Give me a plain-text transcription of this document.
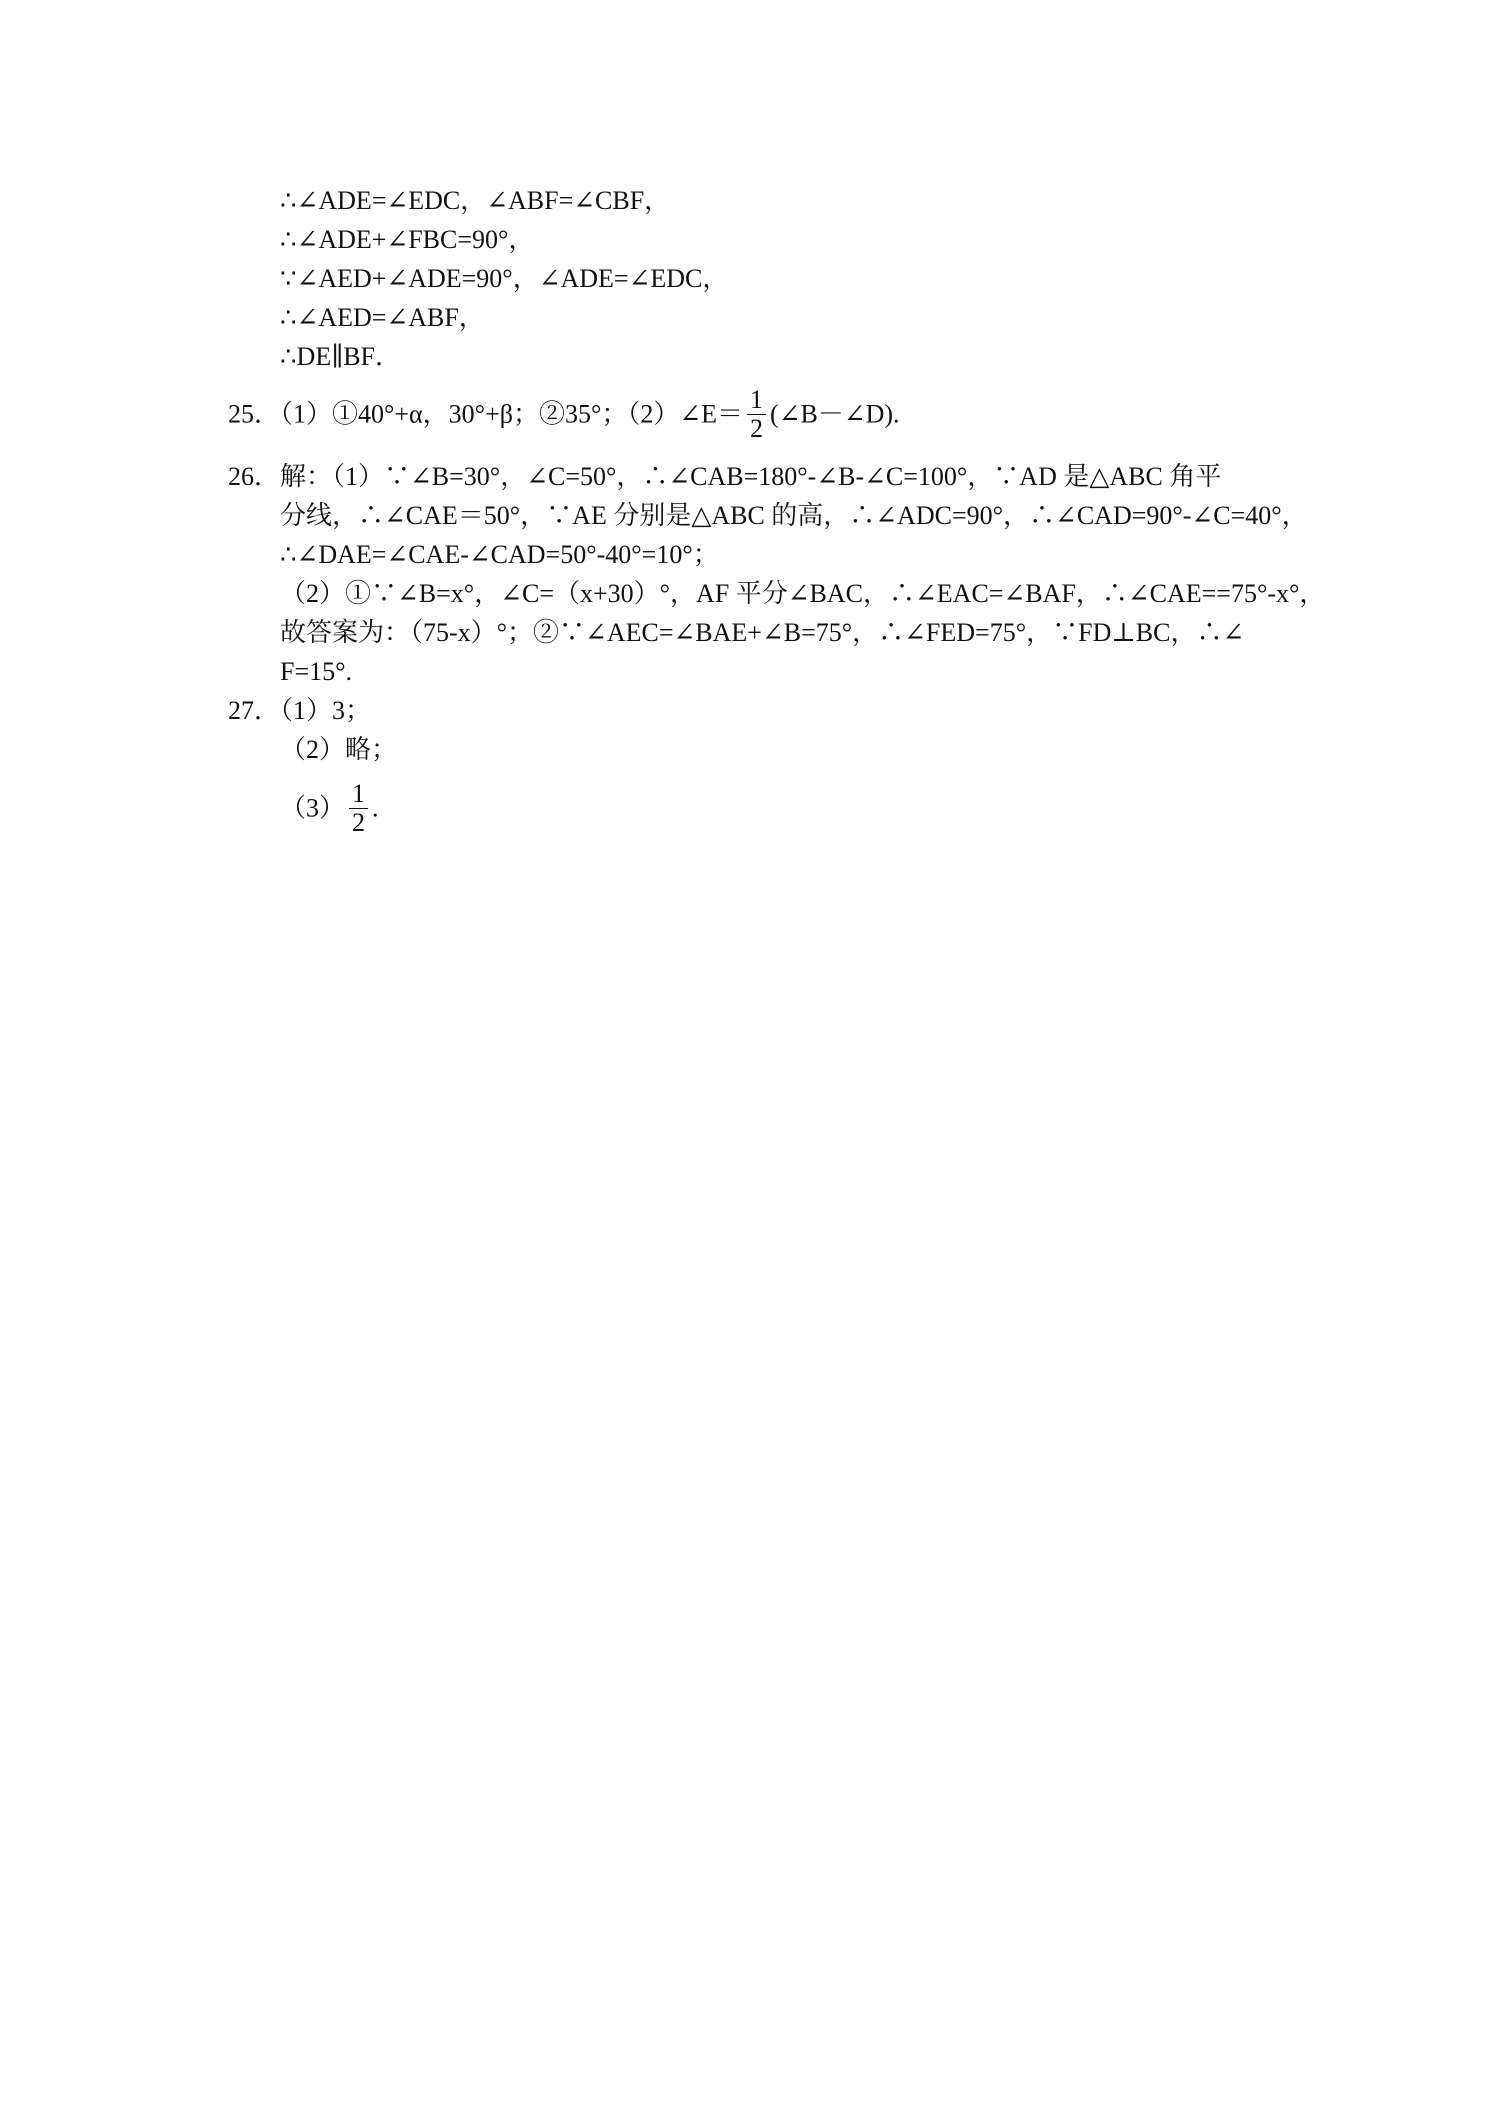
∴∠ADE=∠EDC，∠ABF=∠CBF，
∴∠ADE+∠FBC=90°，
∵∠AED+∠ADE=90°，∠ADE=∠EDC，
∴∠AED=∠ABF，
∴DE∥BF．
25．（1）①40°+α，30°+β；②35°；（2）∠E＝ $\frac{1}{2}$ (∠B－∠D).
26．解：（1）∵∠B=30°，∠C=50°，∴∠CAB=180°-∠B-∠C=100°，∵AD 是△ABC 角平
分线，∴∠CAE＝50°，∵AE 分别是△ABC 的高，∴∠ADC=90°，∴∠CAD=90°-∠C=40°，
∴∠DAE=∠CAE-∠CAD=50°-40°=10°；
（2）①∵∠B=x°，∠C=（x+30）°，AF 平分∠BAC，∴∠EAC=∠BAF，∴∠CAE==75°-x°，
故答案为：（75-x）°；②∵∠AEC=∠BAE+∠B=75°，∴∠FED=75°，∵FD⊥BC，∴∠
F=15°.
27．（1）3；
（2）略；
$(3) \frac{1}{2}$ .
